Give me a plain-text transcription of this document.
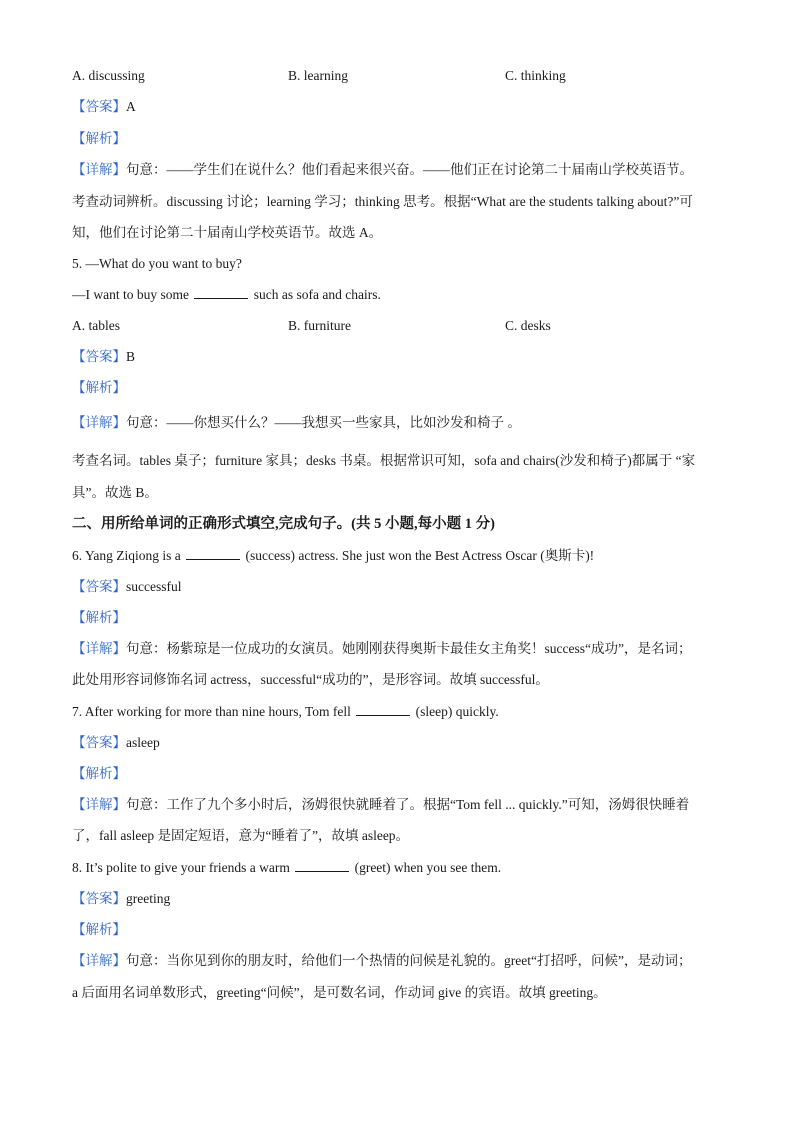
A. discussing	B. learning	C. thinking
【答案】A
【解析】
【详解】句意：——学生们在说什么？他们看起来很兴奋。——他们正在讨论第二十届南山学校英语节。
考查动词辨析。discussing 讨论；learning 学习；thinking 思考。根据“What are the students talking about?”可
知，他们在讨论第二十届南山学校英语节。故选 A。
5. —What do you want to buy?
—I want to buy some	such as sofa and chairs.
A. tables	B. furniture	C. desks
【答案】B
【解析】
【详解】句意：——你想买什么？——我想买一些家具，比如沙发和椅子 。
考查名词。tables 桌子；furniture 家具；desks 书桌。根据常识可知，sofa and chairs(沙发和椅子)都属于 “家
具”。故选 B。
二、用所给单词的正确形式填空,完成句子。(共 5 小题,每小题 1 分)
6. Yang Ziqiong is a	(success) actress. She just won the Best Actress Oscar (奥斯卡)!
【答案】successful
【解析】
【详解】句意：杨紫琼是一位成功的女演员。她刚刚获得奥斯卡最佳女主角奖！success“成功”，是名词；
此处用形容词修饰名词 actress，successful“成功的”，是形容词。故填 successful。
7. After working for more than nine hours, Tom fell	(sleep) quickly.
【答案】asleep
【解析】
【详解】句意：工作了九个多小时后，汤姆很快就睡着了。根据“Tom fell ... quickly.”可知，汤姆很快睡着
了，fall asleep 是固定短语，意为“睡着了”，故填 asleep。
8. It’s polite to give your friends a warm	(greet) when you see them.
【答案】greeting
【解析】
【详解】句意：当你见到你的朋友时，给他们一个热情的问候是礼貌的。greet“打招呼，问候”，是动词；
a 后面用名词单数形式，greeting“问候”，是可数名词，作动词 give 的宾语。故填 greeting。
